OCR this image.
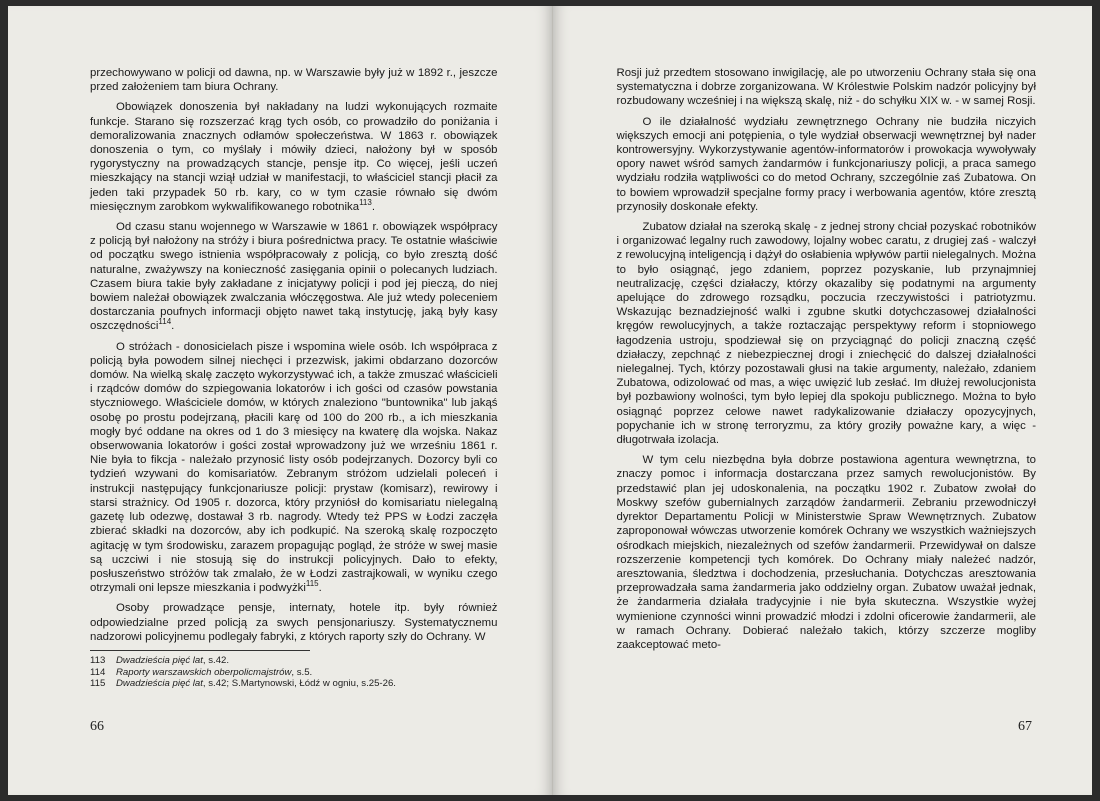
przechowywano w policji od dawna, np. w Warszawie były już w 1892 r., jeszcze przed założeniem tam biura Ochrany.

Obowiązek donoszenia był nakładany na ludzi wykonujących rozmaite funkcje. Starano się rozszerzać krąg tych osób, co prowadziło do poniżania i demoralizowania znacznych odłamów społeczeństwa. W 1863 r. obowiązek donoszenia o tym, co myślały i mówiły dzieci, nałożony był w sposób rygorystyczny na prowadzących stancje, pensje itp. Co więcej, jeśli uczeń mieszkający na stancji wziął udział w manifestacji, to właściciel stancji płacił za jeden taki przypadek 50 rb. kary, co w tym czasie równało się dwóm miesięcznym zarobkom wykwalifikowanego robotnika$^{113}$.

Od czasu stanu wojennego w Warszawie w 1861 r. obowiązek współpracy z policją był nałożony na stróży i biura pośrednictwa pracy. Te ostatnie właściwie od początku swego istnienia współpracowały z policją, co było zresztą dość naturalne, zważywszy na konieczność zasięgania opinii o polecanych ludziach. Czasem biura takie były zakładane z inicjatywy policji i pod jej pieczą, do niej bowiem należał obowiązek zwalczania włóczęgostwa. Ale już wtedy poleceniem dostarczania poufnych informacji objęto nawet taką instytucję, jaką były kasy oszczędności$^{114}$.

O stróżach - donosicielach pisze i wspomina wiele osób. Ich współpraca z policją była powodem silnej niechęci i przezwisk, jakimi obdarzano dozorców domów. Na wielką skalę zaczęto wykorzystywać ich, a także zmuszać właścicieli i rządców domów do szpiegowania lokatorów i ich gości od czasów powstania styczniowego. Właściciele domów, w których znaleziono "buntownika" lub jakąś osobę po prostu podejrzaną, płacili karę od 100 do 200 rb., a ich mieszkania mogły być oddane na okres od 1 do 3 miesięcy na kwaterę dla wojska. Nakaz obserwowania lokatorów i gości został wprowadzony już we wrześniu 1861 r. Nie była to fikcja - należało przynosić listy osób podejrzanych. Dozorcy byli co tydzień wzywani do komisariatów. Zebranym stróżom udzielali poleceń i instrukcji następujący funkcjonariusze policji: prystaw (komisarz), rewirowy i starsi strażnicy. Od 1905 r. dozorca, który przyniósł do komisariatu nielegalną gazetę lub odezwę, dostawał 3 rb. nagrody. Wtedy też PPS w Łodzi zaczęła zbierać składki na dozorców, aby ich podkupić. Na szeroką skalę rozpoczęto agitację w tym środowisku, zarazem propagując pogląd, że stróże w swej masie są uczciwi i nie stosują się do instrukcji policyjnych. Dało to efekty, posłuszeństwo stróżów tak zmalało, że w Łodzi zastrajkowali, w wyniku czego otrzymali oni lepsze mieszkania i podwyżki$^{115}$.

Osoby prowadzące pensje, internaty, hotele itp. były również odpowiedzialne przed policją za swych pensjonariuszy. Systematycznemu nadzorowi policyjnemu podlegały fabryki, z których raporty szły do Ochrany. W

113	Dwadzieścia pięć lat, s.42.
114	Raporty warszawskich oberpolicmajstrów, s.5.
115	Dwadzieścia pięć lat, s.42; S.Martynowski, Łódź w ogniu, s.25-26.
66

Rosji już przedtem stosowano inwigilację, ale po utworzeniu Ochrany stała się ona systematyczna i dobrze zorganizowana. W Królestwie Polskim nadzór policyjny był rozbudowany wcześniej i na większą skalę, niż - do schyłku XIX w. - w samej Rosji.

O ile działalność wydziału zewnętrznego Ochrany nie budziła niczyich większych emocji ani potępienia, o tyle wydział obserwacji wewnętrznej był nader kontrowersyjny. Wykorzystywanie agentów-informatorów i prowokacja wywoływały opory nawet wśród samych żandarmów i funkcjonariuszy policji, a praca samego wydziału rodziła wątpliwości co do metod Ochrany, szczególnie zaś Zubatowa. On to bowiem wprowadził specjalne formy pracy i werbowania agentów, które zresztą przynosiły doskonałe efekty.

Zubatow działał na szeroką skalę - z jednej strony chciał pozyskać robotników i organizować legalny ruch zawodowy, lojalny wobec caratu, z drugiej zaś - walczył z rewolucyjną inteligencją i dążył do osłabienia wpływów partii nielegalnych. Można to było osiągnąć, jego zdaniem, poprzez pozyskanie, lub przynajmniej neutralizację, części działaczy, którzy okazaliby się podatnymi na argumenty apelujące do zdrowego rozsądku, poczucia rzeczywistości i patriotyzmu. Wskazując beznadziejność walki i zgubne skutki dotychczasowej działalności kręgów rewolucyjnych, a także roztaczając perspektywy reform i stopniowego łagodzenia ustroju, spodziewał się on przyciągnąć do policji znaczną część działaczy, zepchnąć z niebezpiecznej drogi i zniechęcić do dalszej działalności nielegalnej. Tych, którzy pozostawali głusi na takie argumenty, należało, zdaniem Zubatowa, odizolować od mas, a więc uwięzić lub zesłać. Im dłużej rewolucjonista był pozbawiony wolności, tym było lepiej dla spokoju publicznego. Można to było osiągnąć poprzez celowe nawet radykalizowanie działaczy opozycyjnych, popychanie ich w stronę terroryzmu, za który groziły poważne kary, a więc - długotrwała izolacja.

W tym celu niezbędna była dobrze postawiona agentura wewnętrzna, to znaczy pomoc i informacja dostarczana przez samych rewolucjonistów. By przedstawić plan jej udoskonalenia, na początku 1902 r. Zubatow zwołał do Moskwy szefów gubernialnych zarządów żandarmerii. Zebraniu przewodniczył dyrektor Departamentu Policji w Ministerstwie Spraw Wewnętrznych. Zubatow zaproponował wówczas utworzenie komórek Ochrany we wszystkich ważniejszych ośrodkach miejskich, niezależnych od szefów żandarmerii. Przewidywał on dalsze rozszerzenie kompetencji tych komórek. Do Ochrany miały należeć nadzór, aresztowania, śledztwa i dochodzenia, przesłuchania. Dotychczas aresztowania przeprowadzała sama żandarmeria jako oddzielny organ. Zubatow uważał jednak, że żandarmeria działała tradycyjnie i nie była skuteczna. Wszystkie wyżej wymienione czynności winni prowadzić młodzi i zdolni oficerowie żandarmerii, ale w ramach Ochrany. Dobierać należało takich, którzy szczerze mogliby zaakceptować meto-

67
